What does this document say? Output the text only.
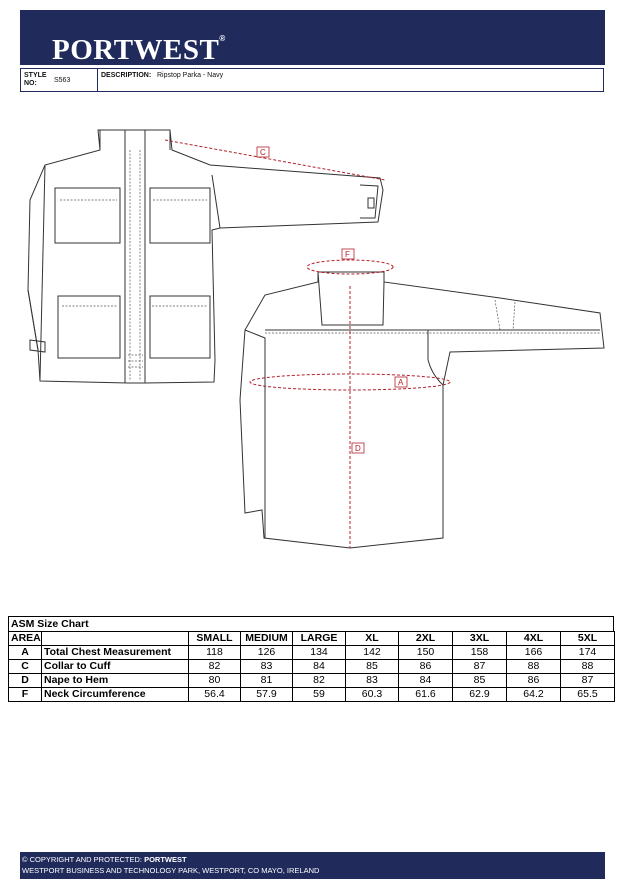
PORTWEST®
STYLE
NO: S563
DESCRIPTION: Ripstop Parka - Navy
C
F
A
D
ASM Size Chart
AREA		SMALL	MEDIUM	LARGE	XL	2XL	3XL	4XL	5XL
A	Total Chest Measurement	118	126	134	142	150	158	166	174
C	Collar to Cuff	82	83	84	85	86	87	88	88
D	Nape to Hem	80	81	82	83	84	85	86	87
F	Neck Circumference	56.4	57.9	59	60.3	61.6	62.9	64.2	65.5
© COPYRIGHT AND PROTECTED: PORTWEST
WESTPORT BUSINESS AND TECHNOLOGY PARK, WESTPORT, CO MAYO, IRELAND
